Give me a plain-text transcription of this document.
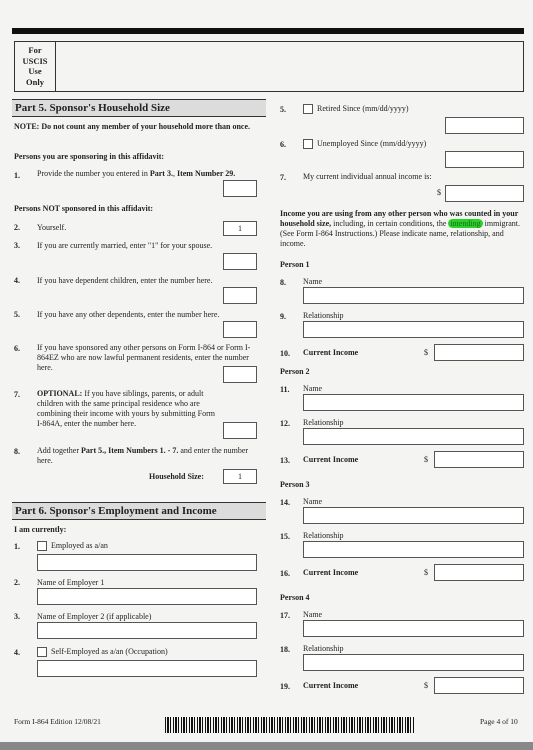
For
USCIS
Use
Only
Part 5. Sponsor's Household Size
NOTE: Do not count any member of your household more than once.
Persons you are sponsoring in this affidavit:
1. Provide the number you entered in Part 3., Item Number 29.
Persons NOT sponsored in this affidavit:
2. Yourself.	1
3. If you are currently married, enter "1" for your spouse.
4. If you have dependent children, enter the number here.
5. If you have any other dependents, enter the number here.
6. If you have sponsored any other persons on Form I-864 or Form I-864EZ who are now lawful permanent residents, enter the number here.
7. OPTIONAL: If you have siblings, parents, or adult children with the same principal residence who are combining their income with yours by submitting Form I-864A, enter the number here.
8. Add together Part 5., Item Numbers 1. - 7. and enter the number here.
Household Size:	1
Part 6. Sponsor's Employment and Income
I am currently:
1.	Employed as a/an
2. Name of Employer 1
3. Name of Employer 2 (if applicable)
4.	Self-Employed as a/an (Occupation)
5.	Retired Since (mm/dd/yyyy)
6.	Unemployed Since (mm/dd/yyyy)
7. My current individual annual income is:
$
Income you are using from any other person who was counted in your household size, including, in certain conditions, the intending immigrant. (See Form I-864 Instructions.) Please indicate name, relationship, and income.
Person 1
8. Name
9. Relationship
10. Current Income	$
Person 2
11. Name
12. Relationship
13. Current Income	$
Person 3
14. Name
15. Relationship
16. Current Income	$
Person 4
17. Name
18. Relationship
19. Current Income	$
Form I-864 Edition 12/08/21	Page 4 of 10
